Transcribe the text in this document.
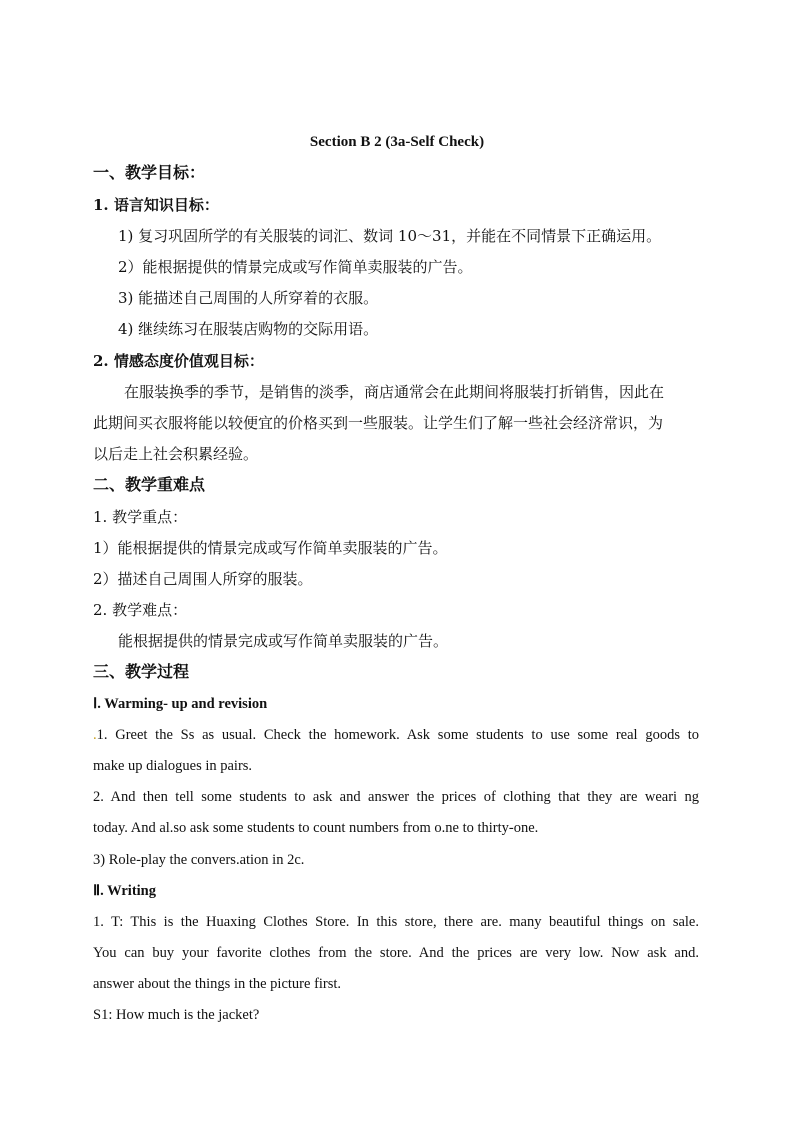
Section B 2 (3a-Self Check)
一、教学目标：
1. 语言知识目标：
1) 复习巩固所学的有关服装的词汇、数词 10～31，并能在不同情景下正确运用。
2）能根据提供的情景完成或写作简单卖服装的广告。
3) 能描述自己周围的人所穿着的衣服。
4) 继续练习在服装店购物的交际用语。
2. 情感态度价值观目标：
在服装换季的季节，是销售的淡季，商店通常会在此期间将服装打折销售，因此在
此期间买衣服将能以较便宜的价格买到一些服装。让学生们了解一些社会经济常识，为
以后走上社会积累经验。
二、教学重难点
1. 教学重点：
1）能根据提供的情景完成或写作简单卖服装的广告。
2）描述自己周围人所穿的服装。
2. 教学难点：
能根据提供的情景完成或写作简单卖服装的广告。
三、教学过程
Ⅰ. Warming- up and revision
.1. Greet the Ss as usual. Check the homework. Ask some students to use some real goods to
make up dialogues in pairs.
2. And then tell some students to ask and answer the prices of clothing that they are weari ng
today. And al.so ask some students to count numbers from o.ne to thirty-one.
3) Role-play the convers.ation in 2c.
Ⅱ. Writing
1. T: This is the Huaxing Clothes Store. In this store, there are. many beautiful things on sale.
You can buy your favorite clothes from the store. And the prices are very low. Now ask and.
answer about the things in the picture first.
S1: How much is the jacket?
